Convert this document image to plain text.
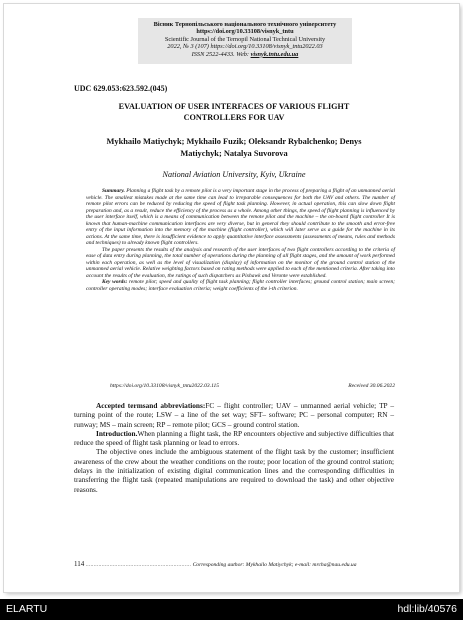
Вісник Тернопільського національного технічного університету
https://doi.org/10.33108/visnyk_tntu
Scientific Journal of the Ternopil National Technical University
2022, № 3 (107) https://doi.org/10.33108/visnyk_tntu2022.03
ISSN 2522-4433. Web: visnyk.tntu.edu.ua
UDC 629.053:623.592.(045)
EVALUATION OF USER INTERFACES OF VARIOUS FLIGHT
CONTROLLERS FOR UAV
Mykhailo Matiychyk; Mykhailo Fuzik; Oleksandr Rybalchenko; Denys
Matiychyk; Natalya Suvorova
National Aviation University, Kyiv, Ukraine

Summary. Planning a flight task by a remote pilot is a very important stage in the process of preparing a flight of an unmanned aerial vehicle. The smallest mistakes made at the same time can lead to irreparable consequences for both the UAV and others. The number of remote pilot errors can be reduced by reducing the speed of flight task planning. However, in actual operation, this can slow down flight preparation and, as a result, reduce the efficiency of the process as a whole. Among other things, the speed of flight planning is influenced by the user interface itself, which is a means of communication between the remote pilot and the machine – the on-board flight controller It is known that human-machine communication interfaces are very diverse, but in general they should contribute to the smooth and error-free entry of the input information into the memory of the machine (flight controller), which will later serve as a guide for the machine in its actions. At the same time, there is insufficient evidence to apply quantitative interface assessments (assessments of means, rules and methods and techniques) to already known flight controllers.

The paper presents the results of the analysis and research of the user interfaces of two flight controllers according to the criteria of ease of data entry during planning, the total number of operations during the planning of all flight stages, and the amount of work performed within each operation, as well as the level of visualization (display) of information on the monitor of the ground control station of the unmanned aerial vehicle. Relative weighting factors based on rating methods were applied to each of the mentioned criteria. After taking into account the results of the evaluation, the ratings of such dispatchers as Pixhawk and Veronte were established.

Key words: remote pilot; speed and quality of flight task planning; flight controller interfaces; ground control station; main screen; controller operating modes; interface evaluation criteria; weight coefficients of the i-th criterion.

https://doi.org/10.33108/visnyk_tntu2022.03.115	Received 30.06.2022

Accepted termsand abbreviations:FC – flight controller; UAV – unmanned aerial vehicle; TP – turning point of the route; LSW – a line of the set way; SFT– software; PC – personal computer; RN – runway; MS – main screen; RP – remote pilot; GCS – ground control station.

Introduction.When planning a flight task, the RP encounters objective and subjective difficulties that reduce the speed of flight task planning or lead to errors.

The objective ones include the ambiguous statement of the flight task by the customer; insufficient awareness of the crew about the weather conditions on the route; poor location of the ground control station; delays in the initialization of existing digital communication lines and the corresponding difficulties in transferring the flight task (repeated manipulations are required to download the task) and other objective reasons.

114 .................................................................. Corresponding author: Mykhailo Matiychyk; e-mail: mrcha@nau.edu.ua
ELARTU	hdl:lib/40576
